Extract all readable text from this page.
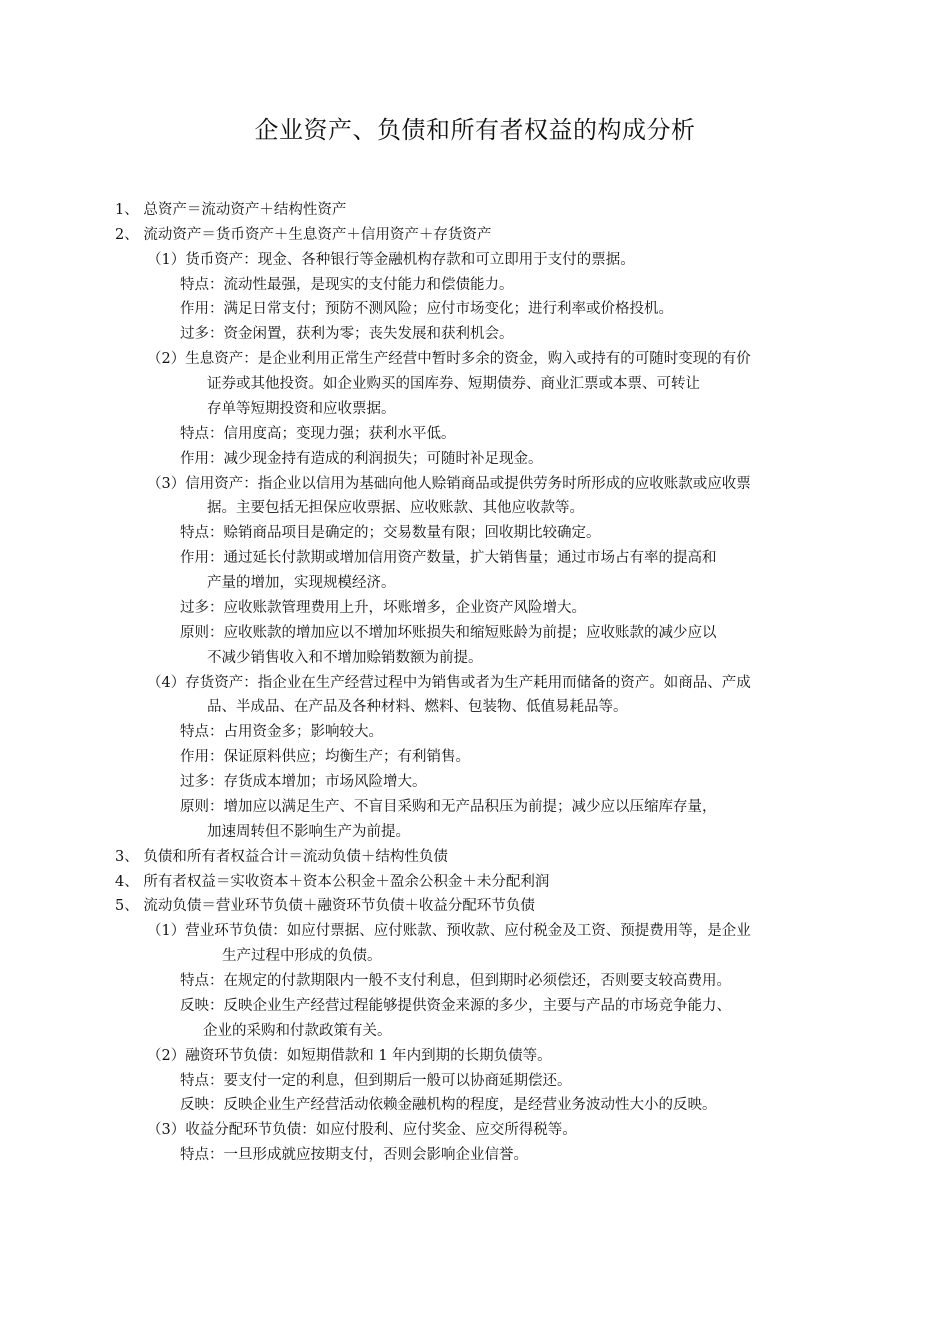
企业资产、负债和所有者权益的构成分析
1、 总资产＝流动资产＋结构性资产
2、 流动资产＝货币资产＋生息资产＋信用资产＋存货资产
（1）货币资产：现金、各种银行等金融机构存款和可立即用于支付的票据。
特点：流动性最强，是现实的支付能力和偿债能力。
作用：满足日常支付；预防不测风险；应付市场变化；进行利率或价格投机。
过多：资金闲置，获利为零；丧失发展和获利机会。
（2）生息资产：是企业利用正常生产经营中暂时多余的资金，购入或持有的可随时变现的有价
证券或其他投资。如企业购买的国库券、短期债券、商业汇票或本票、可转让
存单等短期投资和应收票据。
特点：信用度高；变现力强；获利水平低。
作用：减少现金持有造成的利润损失；可随时补足现金。
（3）信用资产：指企业以信用为基础向他人赊销商品或提供劳务时所形成的应收账款或应收票
据。主要包括无担保应收票据、应收账款、其他应收款等。
特点：赊销商品项目是确定的；交易数量有限；回收期比较确定。
作用：通过延长付款期或增加信用资产数量，扩大销售量；通过市场占有率的提高和
产量的增加，实现规模经济。
过多：应收账款管理费用上升，坏账增多，企业资产风险增大。
原则：应收账款的增加应以不增加坏账损失和缩短账龄为前提；应收账款的减少应以
不减少销售收入和不增加赊销数额为前提。
（4）存货资产：指企业在生产经营过程中为销售或者为生产耗用而储备的资产。如商品、产成
品、半成品、在产品及各种材料、燃料、包装物、低值易耗品等。
特点：占用资金多；影响较大。
作用：保证原料供应；均衡生产；有利销售。
过多：存货成本增加；市场风险增大。
原则：增加应以满足生产、不盲目采购和无产品积压为前提；减少应以压缩库存量，
加速周转但不影响生产为前提。
3、 负债和所有者权益合计＝流动负债＋结构性负债
4、 所有者权益＝实收资本＋资本公积金＋盈余公积金＋未分配利润
5、 流动负债＝营业环节负债＋融资环节负债＋收益分配环节负债
（1）营业环节负债：如应付票据、应付账款、预收款、应付税金及工资、预提费用等，是企业
生产过程中形成的负债。
特点：在规定的付款期限内一般不支付利息，但到期时必须偿还，否则要支较高费用。
反映：反映企业生产经营过程能够提供资金来源的多少，主要与产品的市场竞争能力、
企业的采购和付款政策有关。
（2）融资环节负债：如短期借款和 1 年内到期的长期负债等。
特点：要支付一定的利息，但到期后一般可以协商延期偿还。
反映：反映企业生产经营活动依赖金融机构的程度，是经营业务波动性大小的反映。
（3）收益分配环节负债：如应付股利、应付奖金、应交所得税等。
特点：一旦形成就应按期支付，否则会影响企业信誉。
